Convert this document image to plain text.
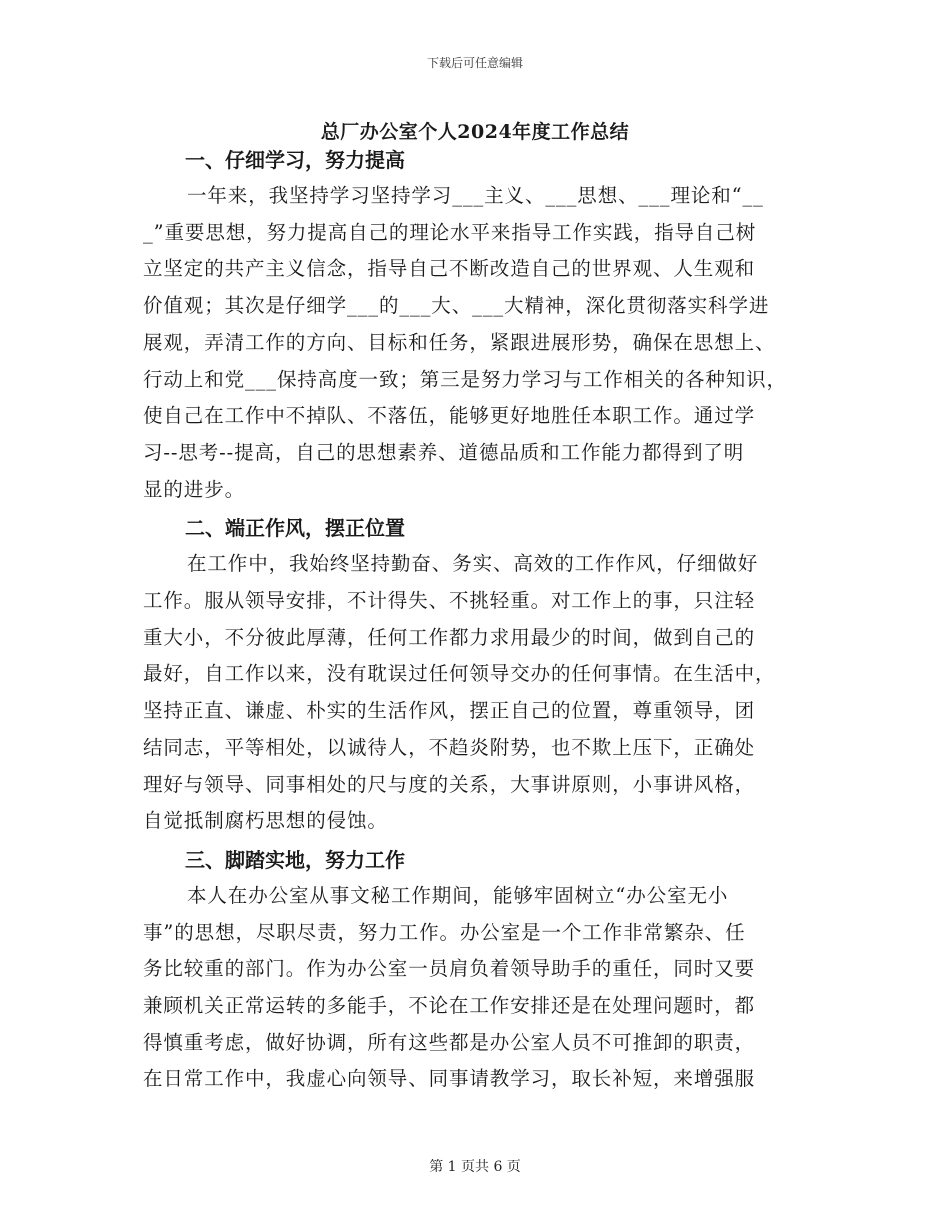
下载后可任意编辑
总厂办公室个人2024年度工作总结
一、仔细学习，努力提高
一年来，我坚持学习坚持学习___主义、___思想、___理论和“__
_”重要思想，努力提高自己的理论水平来指导工作实践，指导自己树
立坚定的共产主义信念，指导自己不断改造自己的世界观、人生观和
价值观；其次是仔细学___的___大、___大精神，深化贯彻落实科学进
展观，弄清工作的方向、目标和任务，紧跟进展形势，确保在思想上、
行动上和党___保持高度一致；第三是努力学习与工作相关的各种知识，
使自己在工作中不掉队、不落伍，能够更好地胜任本职工作。通过学
习--思考--提高，自己的思想素养、道德品质和工作能力都得到了明
显的进步。
二、端正作风，摆正位置
在工作中，我始终坚持勤奋、务实、高效的工作作风，仔细做好
工作。服从领导安排，不计得失、不挑轻重。对工作上的事，只注轻
重大小，不分彼此厚薄，任何工作都力求用最少的时间，做到自己的
最好，自工作以来，没有耽误过任何领导交办的任何事情。在生活中，
坚持正直、谦虚、朴实的生活作风，摆正自己的位置，尊重领导，团
结同志，平等相处，以诚待人，不趋炎附势，也不欺上压下，正确处
理好与领导、同事相处的尺与度的关系，大事讲原则，小事讲风格，
自觉抵制腐朽思想的侵蚀。
三、脚踏实地，努力工作
本人在办公室从事文秘工作期间，能够牢固树立“办公室无小
事”的思想，尽职尽责，努力工作。办公室是一个工作非常繁杂、任
务比较重的部门。作为办公室一员肩负着领导助手的重任，同时又要
兼顾机关正常运转的多能手，不论在工作安排还是在处理问题时，都
得慎重考虑，做好协调，所有这些都是办公室人员不可推卸的职责，
在日常工作中，我虚心向领导、同事请教学习，取长补短，来增强服
第 1 页共 6 页
